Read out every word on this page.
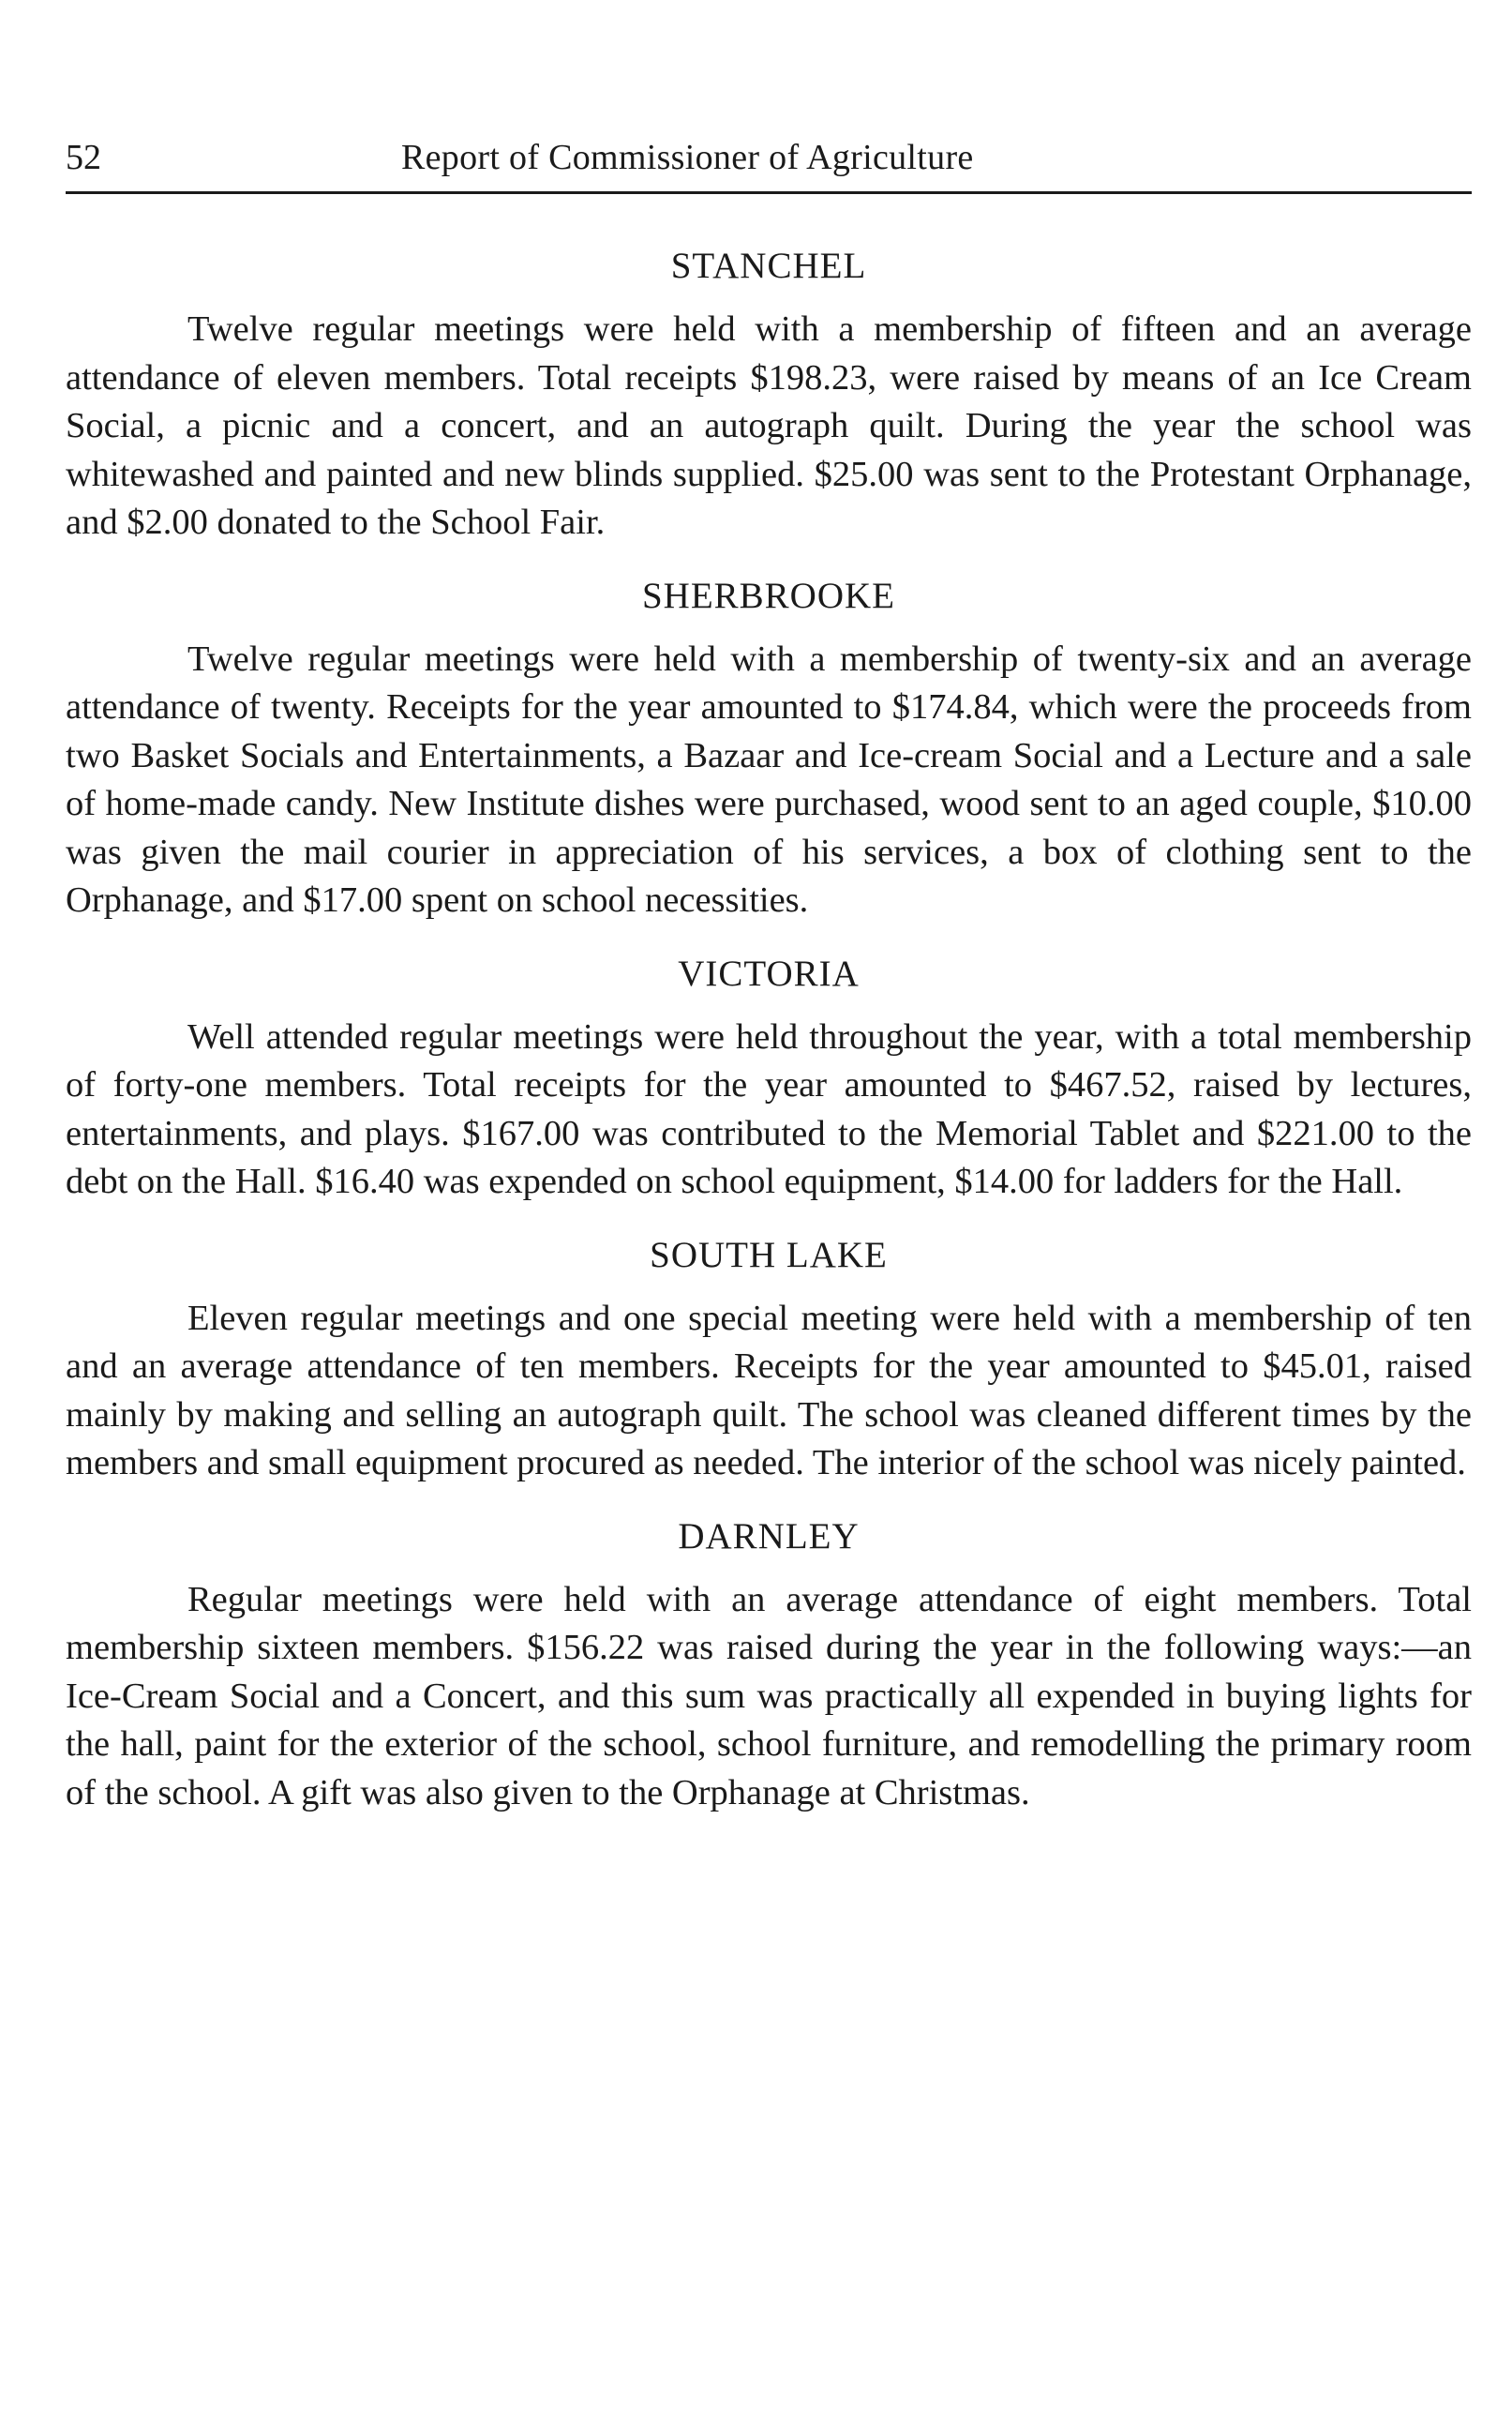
52	Report of Commissioner of Agriculture
STANCHEL

Twelve regular meetings were held with a membership of fifteen and an average attendance of eleven members. Total receipts $198.23, were raised by means of an Ice Cream Social, a picnic and a concert, and an autograph quilt. During the year the school was whitewashed and painted and new blinds supplied. $25.00 was sent to the Protestant Orphanage, and $2.00 donated to the School Fair.

SHERBROOKE

Twelve regular meetings were held with a membership of twenty-six and an average attendance of twenty. Receipts for the year amounted to $174.84, which were the proceeds from two Basket Socials and Entertainments, a Bazaar and Ice-cream Social and a Lecture and a sale of home-made candy. New Institute dishes were purchased, wood sent to an aged couple, $10.00 was given the mail courier in appreciation of his services, a box of clothing sent to the Orphanage, and $17.00 spent on school necessities.

VICTORIA

Well attended regular meetings were held throughout the year, with a total membership of forty-one members. Total receipts for the year amounted to $467.52, raised by lectures, entertainments, and plays. $167.00 was contributed to the Memorial Tablet and $221.00 to the debt on the Hall. $16.40 was expended on school equipment, $14.00 for ladders for the Hall.

SOUTH LAKE

Eleven regular meetings and one special meeting were held with a membership of ten and an average attendance of ten members. Receipts for the year amounted to $45.01, raised mainly by making and selling an autograph quilt. The school was cleaned different times by the members and small equipment procured as needed. The interior of the school was nicely painted.

DARNLEY

Regular meetings were held with an average attendance of eight members. Total membership sixteen members. $156.22 was raised during the year in the following ways:—an Ice-Cream Social and a Concert, and this sum was practically all expended in buying lights for the hall, paint for the exterior of the school, school furniture, and remodelling the primary room of the school. A gift was also given to the Orphanage at Christmas.
